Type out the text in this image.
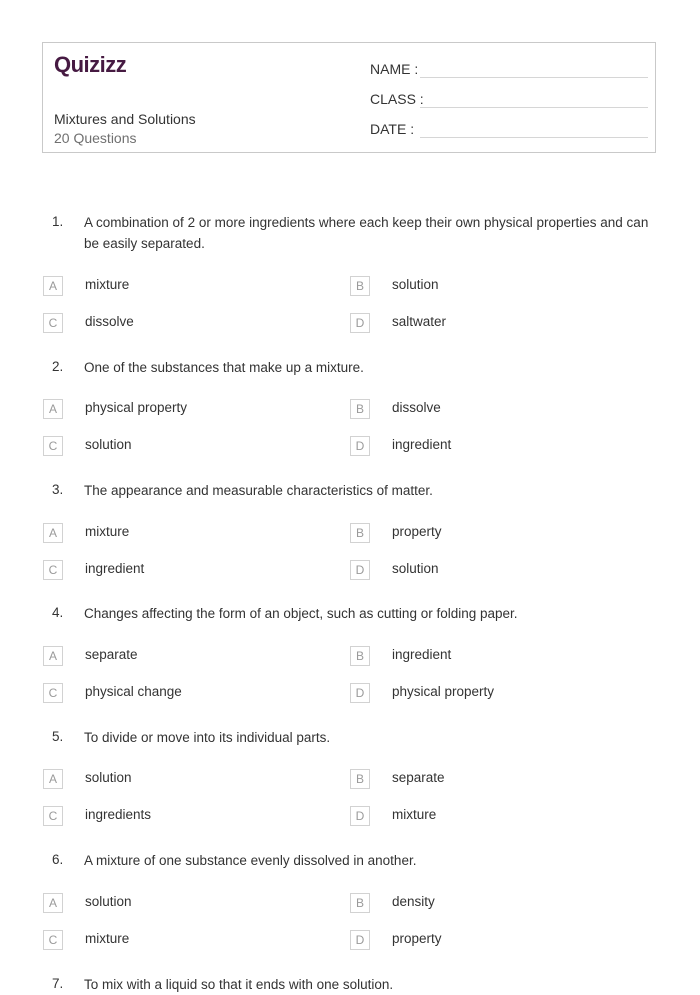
Quizizz
Mixtures and Solutions
20 Questions
NAME :
CLASS :
DATE :
1. A combination of 2 or more ingredients where each keep their own physical properties and can be easily separated.
A	mixture	B	solution
C	dissolve	D	saltwater
2. One of the substances that make up a mixture.
A	physical property	B	dissolve
C	solution	D	ingredient
3. The appearance and measurable characteristics of matter.
A	mixture	B	property
C	ingredient	D	solution
4. Changes affecting the form of an object, such as cutting or folding paper.
A	separate	B	ingredient
C	physical change	D	physical property
5. To divide or move into its individual parts.
A	solution	B	separate
C	ingredients	D	mixture
6. A mixture of one substance evenly dissolved in another.
A	solution	B	density
C	mixture	D	property
7. To mix with a liquid so that it ends with one solution.
